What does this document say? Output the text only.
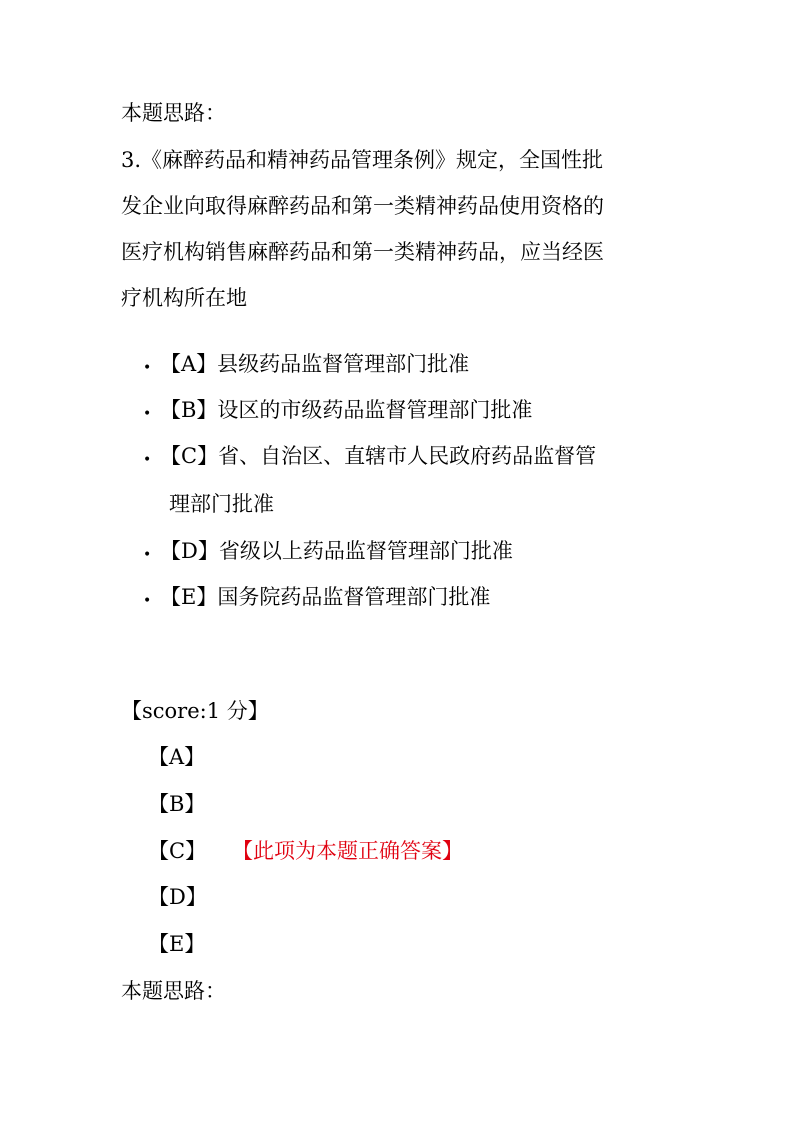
本题思路：
3.《麻醉药品和精神药品管理条例》规定，全国性批
发企业向取得麻醉药品和第一类精神药品使用资格的
医疗机构销售麻醉药品和第一类精神药品，应当经医
疗机构所在地
• 【A】县级药品监督管理部门批准
• 【B】设区的市级药品监督管理部门批准
• 【C】省、自治区、直辖市人民政府药品监督管
理部门批准
• 【D】省级以上药品监督管理部门批准
• 【E】国务院药品监督管理部门批准
【score:1 分】
【A】
【B】
【C】 【此项为本题正确答案】
【D】
【E】
本题思路：
